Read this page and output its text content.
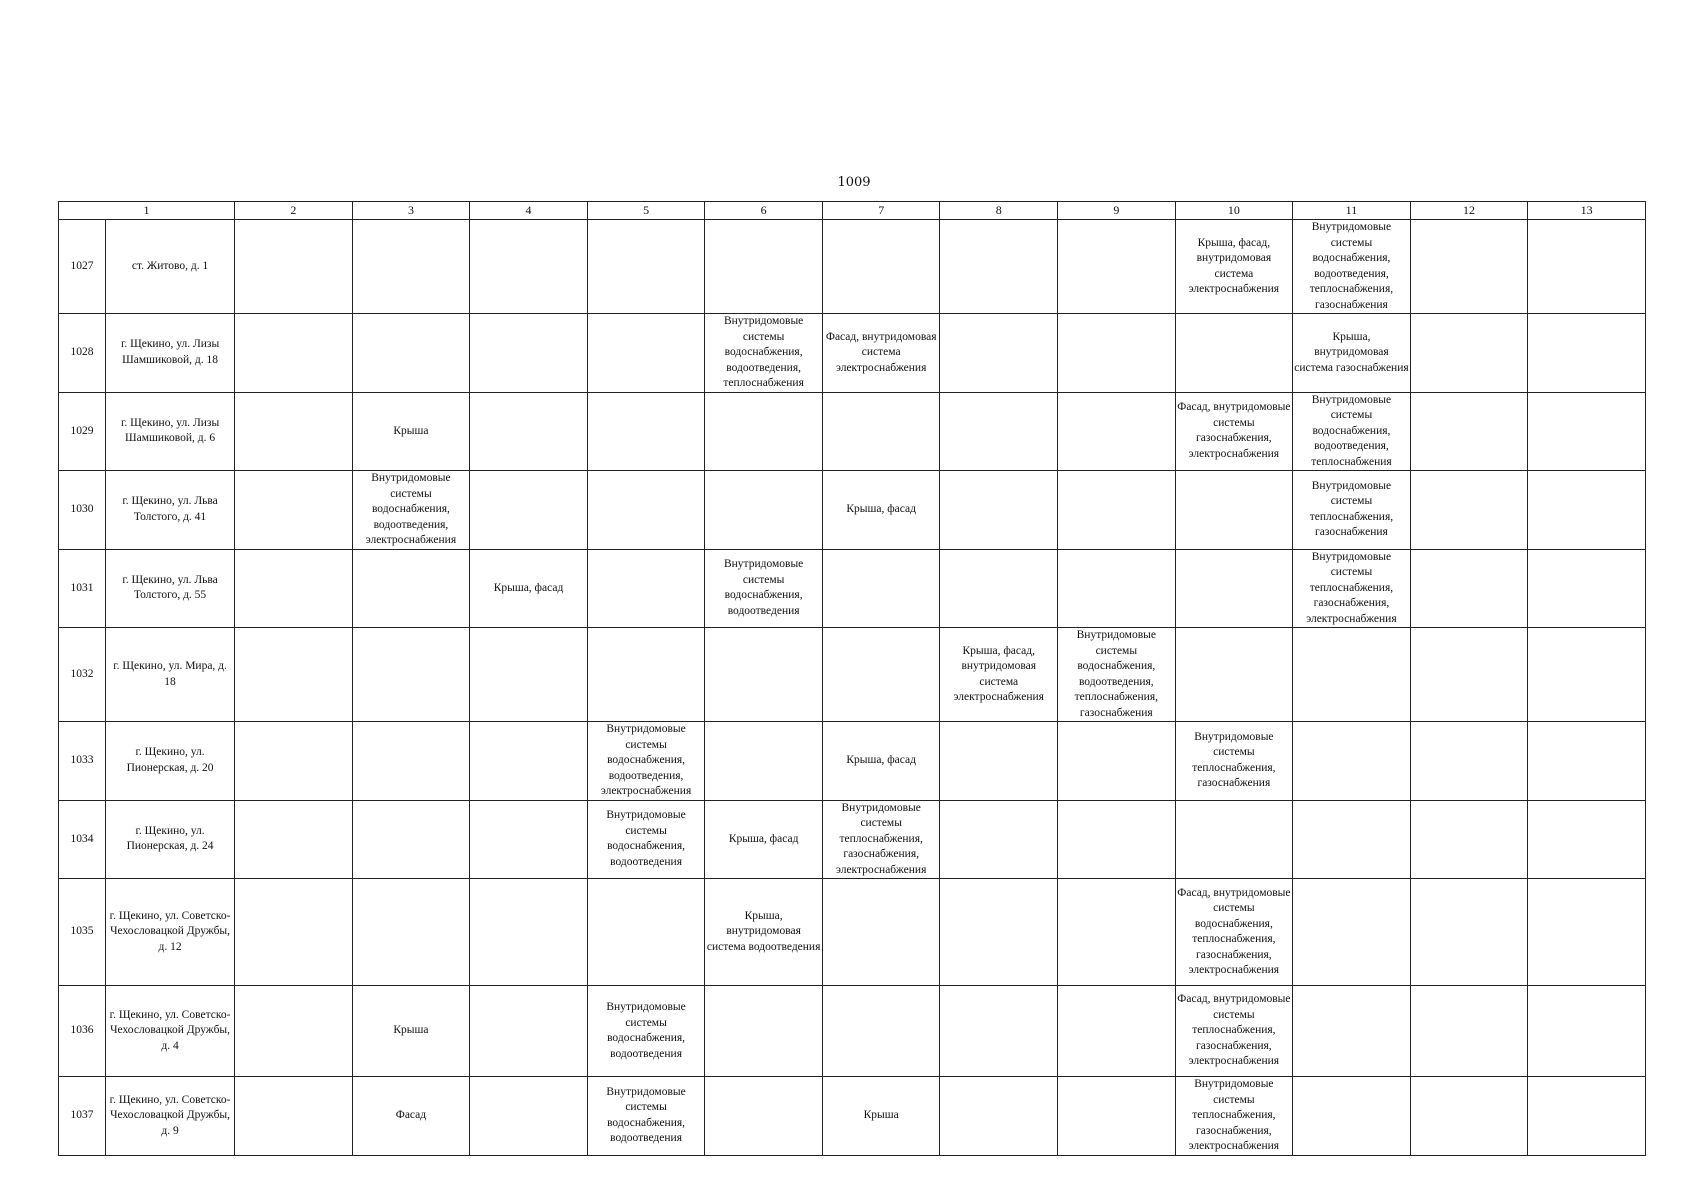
1009
1		2	3	4	5	6	7	8	9	10	11	12	13
1027	ст. Житово, д. 1									Крыша, фасад, внутридомовая система электроснабжения	Внутридомовые системы водоснабжения, водоотведения, теплоснабжения, газоснабжения		
1028	г. Щекино, ул. Лизы Шамшиковой, д. 18					Внутридомовые системы водоснабжения, водоотведения, теплоснабжения	Фасад, внутридомовая система электроснабжения				Крыша, внутридомовая система газоснабжения		
1029	г. Щекино, ул. Лизы Шамшиковой, д. 6		Крыша							Фасад, внутридомовые системы газоснабжения, электроснабжения	Внутридомовые системы водоснабжения, водоотведения, теплоснабжения		
1030	г. Щекино, ул. Льва Толстого, д. 41		Внутридомовые системы водоснабжения, водоотведения, электроснабжения				Крыша, фасад				Внутридомовые системы теплоснабжения, газоснабжения		
1031	г. Щекино, ул. Льва Толстого, д. 55			Крыша, фасад		Внутридомовые системы водоснабжения, водоотведения					Внутридомовые системы теплоснабжения, газоснабжения, электроснабжения		
1032	г. Щекино, ул. Мира, д. 18							Крыша, фасад, внутридомовая система электроснабжения	Внутридомовые системы водоснабжения, водоотведения, теплоснабжения, газоснабжения				
1033	г. Щекино, ул. Пионерская, д. 20				Внутридомовые системы водоснабжения, водоотведения, электроснабжения		Крыша, фасад			Внутридомовые системы теплоснабжения, газоснабжения			
1034	г. Щекино, ул. Пионерская, д. 24				Внутридомовые системы водоснабжения, водоотведения	Крыша, фасад	Внутридомовые системы теплоснабжения, газоснабжения, электроснабжения						
1035	г. Щекино, ул. Советско-Чехословацкой Дружбы, д. 12					Крыша, внутридомовая система водоотведения				Фасад, внутридомовые системы водоснабжения, теплоснабжения, газоснабжения, электроснабжения			
1036	г. Щекино, ул. Советско-Чехословацкой Дружбы, д. 4		Крыша		Внутридомовые системы водоснабжения, водоотведения					Фасад, внутридомовые системы теплоснабжения, газоснабжения, электроснабжения			
1037	г. Щекино, ул. Советско-Чехословацкой Дружбы, д. 9		Фасад		Внутридомовые системы водоснабжения, водоотведения		Крыша			Внутридомовые системы теплоснабжения, газоснабжения, электроснабжения			
